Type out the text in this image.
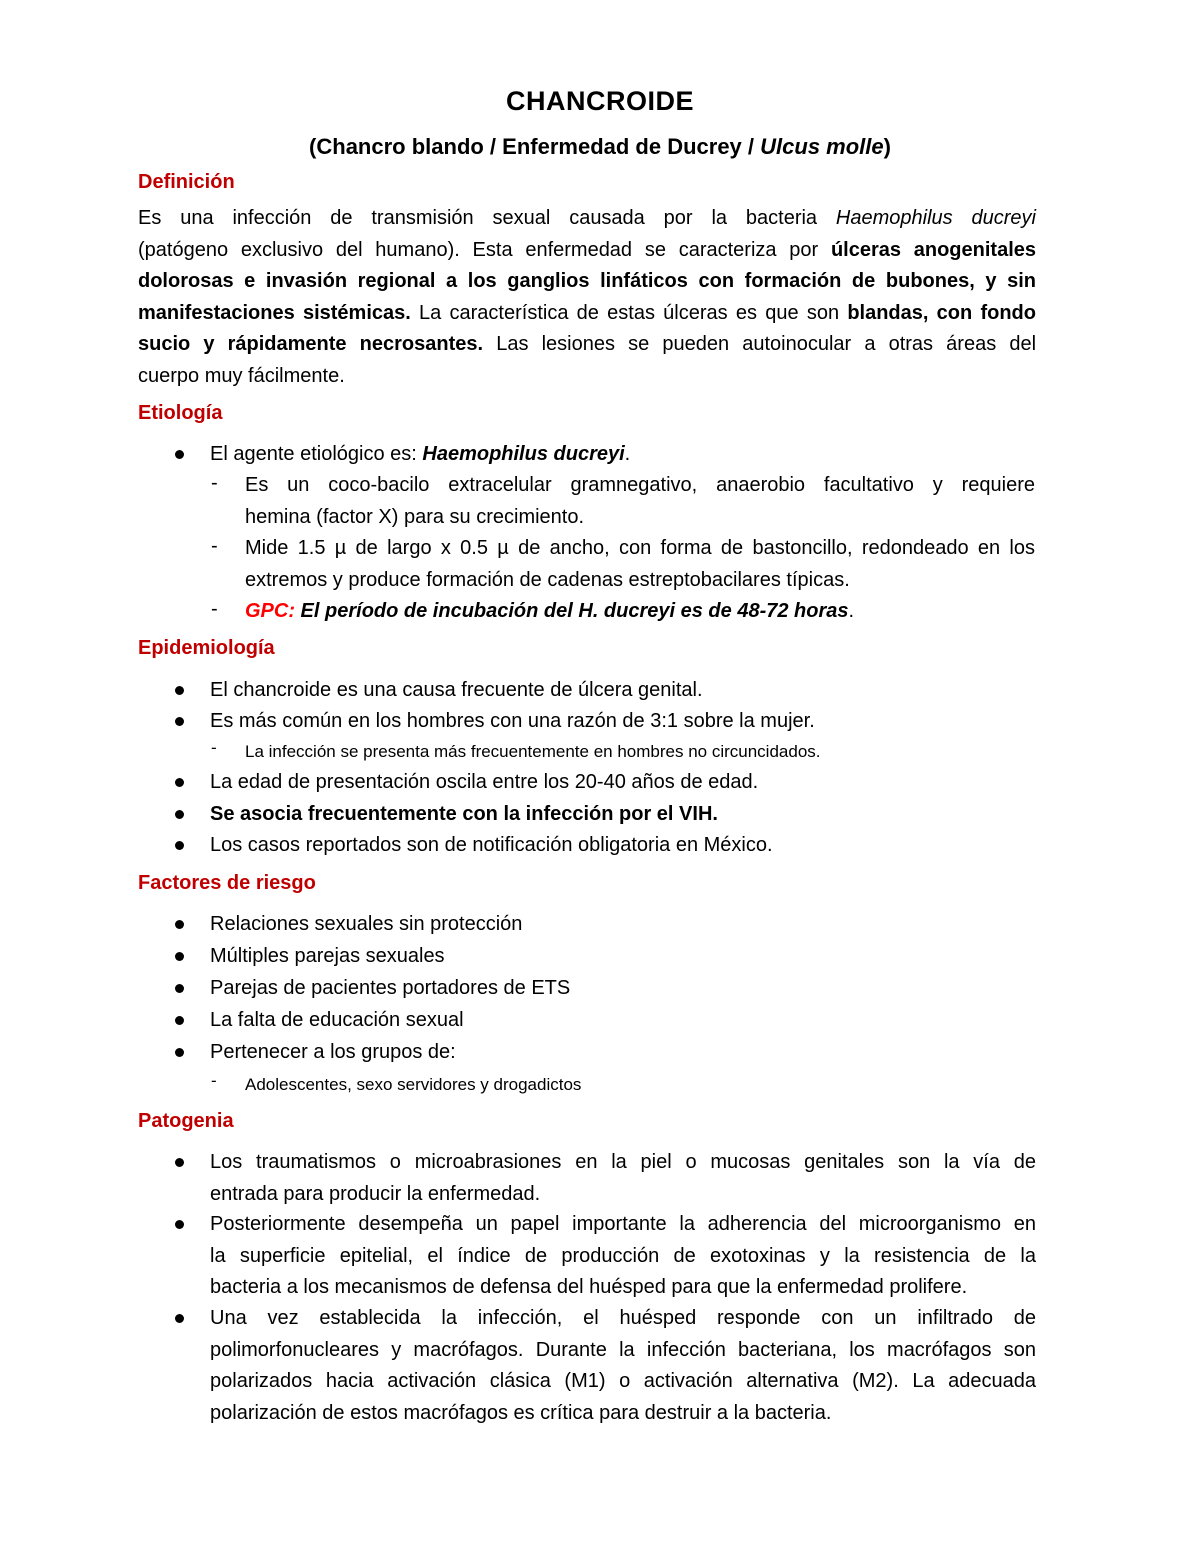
CHANCROIDE
(Chancro blando / Enfermedad de Ducrey / Ulcus molle)
Definición
Es una infección de transmisión sexual causada por la bacteria Haemophilus ducreyi
(patógeno exclusivo del humano). Esta enfermedad se caracteriza por úlceras anogenitales
dolorosas e invasión regional a los ganglios linfáticos con formación de bubones, y sin
manifestaciones sistémicas. La característica de estas úlceras es que son blandas, con fondo
sucio y rápidamente necrosantes. Las lesiones se pueden autoinocular a otras áreas del
cuerpo muy fácilmente.
Etiología
El agente etiológico es: Haemophilus ducreyi.
- Es un coco-bacilo extracelular gramnegativo, anaerobio facultativo y requiere
hemina (factor X) para su crecimiento.
- Mide 1.5 µ de largo x 0.5 µ de ancho, con forma de bastoncillo, redondeado en los
extremos y produce formación de cadenas estreptobacilares típicas.
- GPC: El período de incubación del H. ducreyi es de 48-72 horas.
Epidemiología
El chancroide es una causa frecuente de úlcera genital.
Es más común en los hombres con una razón de 3:1 sobre la mujer.
- La infección se presenta más frecuentemente en hombres no circuncidados.
La edad de presentación oscila entre los 20-40 años de edad.
Se asocia frecuentemente con la infección por el VIH.
Los casos reportados son de notificación obligatoria en México.
Factores de riesgo
Relaciones sexuales sin protección
Múltiples parejas sexuales
Parejas de pacientes portadores de ETS
La falta de educación sexual
Pertenecer a los grupos de:
- Adolescentes, sexo servidores y drogadictos
Patogenia
Los traumatismos o microabrasiones en la piel o mucosas genitales son la vía de
entrada para producir la enfermedad.
Posteriormente desempeña un papel importante la adherencia del microorganismo en
la superficie epitelial, el índice de producción de exotoxinas y la resistencia de la
bacteria a los mecanismos de defensa del huésped para que la enfermedad prolifere.
Una vez establecida la infección, el huésped responde con un infiltrado de
polimorfonucleares y macrófagos. Durante la infección bacteriana, los macrófagos son
polarizados hacia activación clásica (M1) o activación alternativa (M2). La adecuada
polarización de estos macrófagos es crítica para destruir a la bacteria.
